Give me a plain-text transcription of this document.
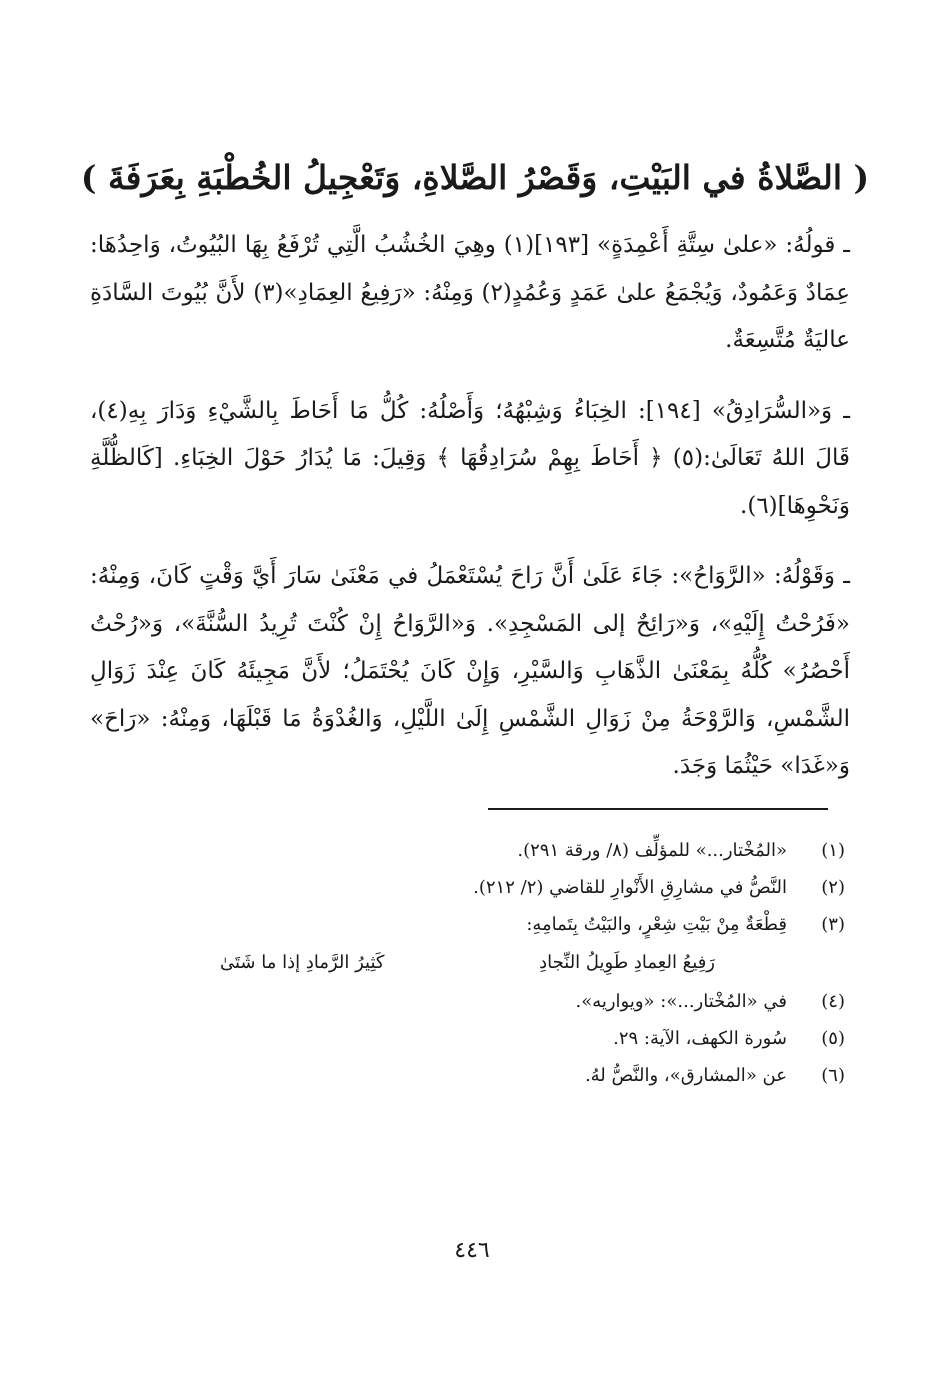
( الصَّلاةُ في البَيْتِ، وَقَصْرُ الصَّلاةِ، وَتَعْجِيلُ الخُطْبَةِ بِعَرَفَةَ )

ـ قولُهُ: «علىٰ سِتَّةِ أَعْمِدَةٍ» [١٩٣](١) وهِيَ الخُشُبُ الَّتِي تُرْفَعُ بِهَا البُيُوتُ، وَاحِدُهَا: عِمَادٌ وَعَمُودٌ، وَيُجْمَعُ علىٰ عَمَدٍ وَعُمُدٍ(٢) وَمِنْهُ: «رَفِيعُ العِمَادِ»(٣) لأَنَّ بُيُوتَ السَّادَةِ عاليَةٌ مُتَّسِعَةٌ.

ـ وَ«السُّرَادِقُ» [١٩٤]: الخِبَاءُ وَشِبْهُهُ؛ وَأَصْلُهُ: كُلُّ مَا أَحَاطَ بِالشَّيْءِ وَدَارَ بِهِ(٤)، قَالَ اللهُ تَعَالَىٰ:(٥) ﴿ أَحَاطَ بِهِمْ سُرَادِقُهَا ﴾ وَقِيلَ: مَا يُدَارُ حَوْلَ الخِبَاءِ. [كَالظُّلَّةِ وَنَحْوِهَا](٦).

ـ وَقَوْلُهُ: «الرَّوَاحُ»: جَاءَ عَلَىٰ أَنَّ رَاحَ يُسْتَعْمَلُ في مَعْنَىٰ سَارَ أَيَّ وَقْتٍ كَانَ، وَمِنْهُ: «فَرُحْتُ إِلَيْهِ»، وَ«رَائِحٌ إلى المَسْجِدِ». وَ«الرَّوَاحُ إِنْ كُنْتَ تُرِيدُ السُّنَّةَ»، وَ«رُحْتُ أَحْصُرُ» كُلُّهُ بِمَعْنَىٰ الذَّهَابِ وَالسَّيْرِ، وَإِنْ كَانَ يُحْتَمَلُ؛ لأَنَّ مَجِيئَهُ كَانَ عِنْدَ زَوَالِ الشَّمْسِ، وَالرَّوْحَةُ مِنْ زَوَالِ الشَّمْسِ إِلَىٰ اللَّيْلِ، وَالغُدْوَةُ مَا قَبْلَهَا، وَمِنْهُ: «رَاحَ» وَ«غَدَا» حَيْثُمَا وَجَدَ.

(١)
«المُخْتار...» للمؤلِّف (٨/ ورقة ٢٩١).
(٢)
النَّصُّ في مشارِقِ الأَنْوارِ للقاضي (٢/ ٢١٢).
(٣)
قِطْعَةٌ مِنْ بَيْتِ شِعْرٍ، والبَيْتُ بِتَمامِهِ:
رَفِيعُ العِمادِ طَوِيلُ النِّجادِ
كَثِيرُ الرَّمادِ إذا ما شَتَىٰ
(٤)
في «المُخْتار...»: «ويواريه».
(٥)
سُورة الكهف، الآية: ٢٩.
(٦)
عن «المشارق»، والنَّصُّ لهُ.
٤٤٦
